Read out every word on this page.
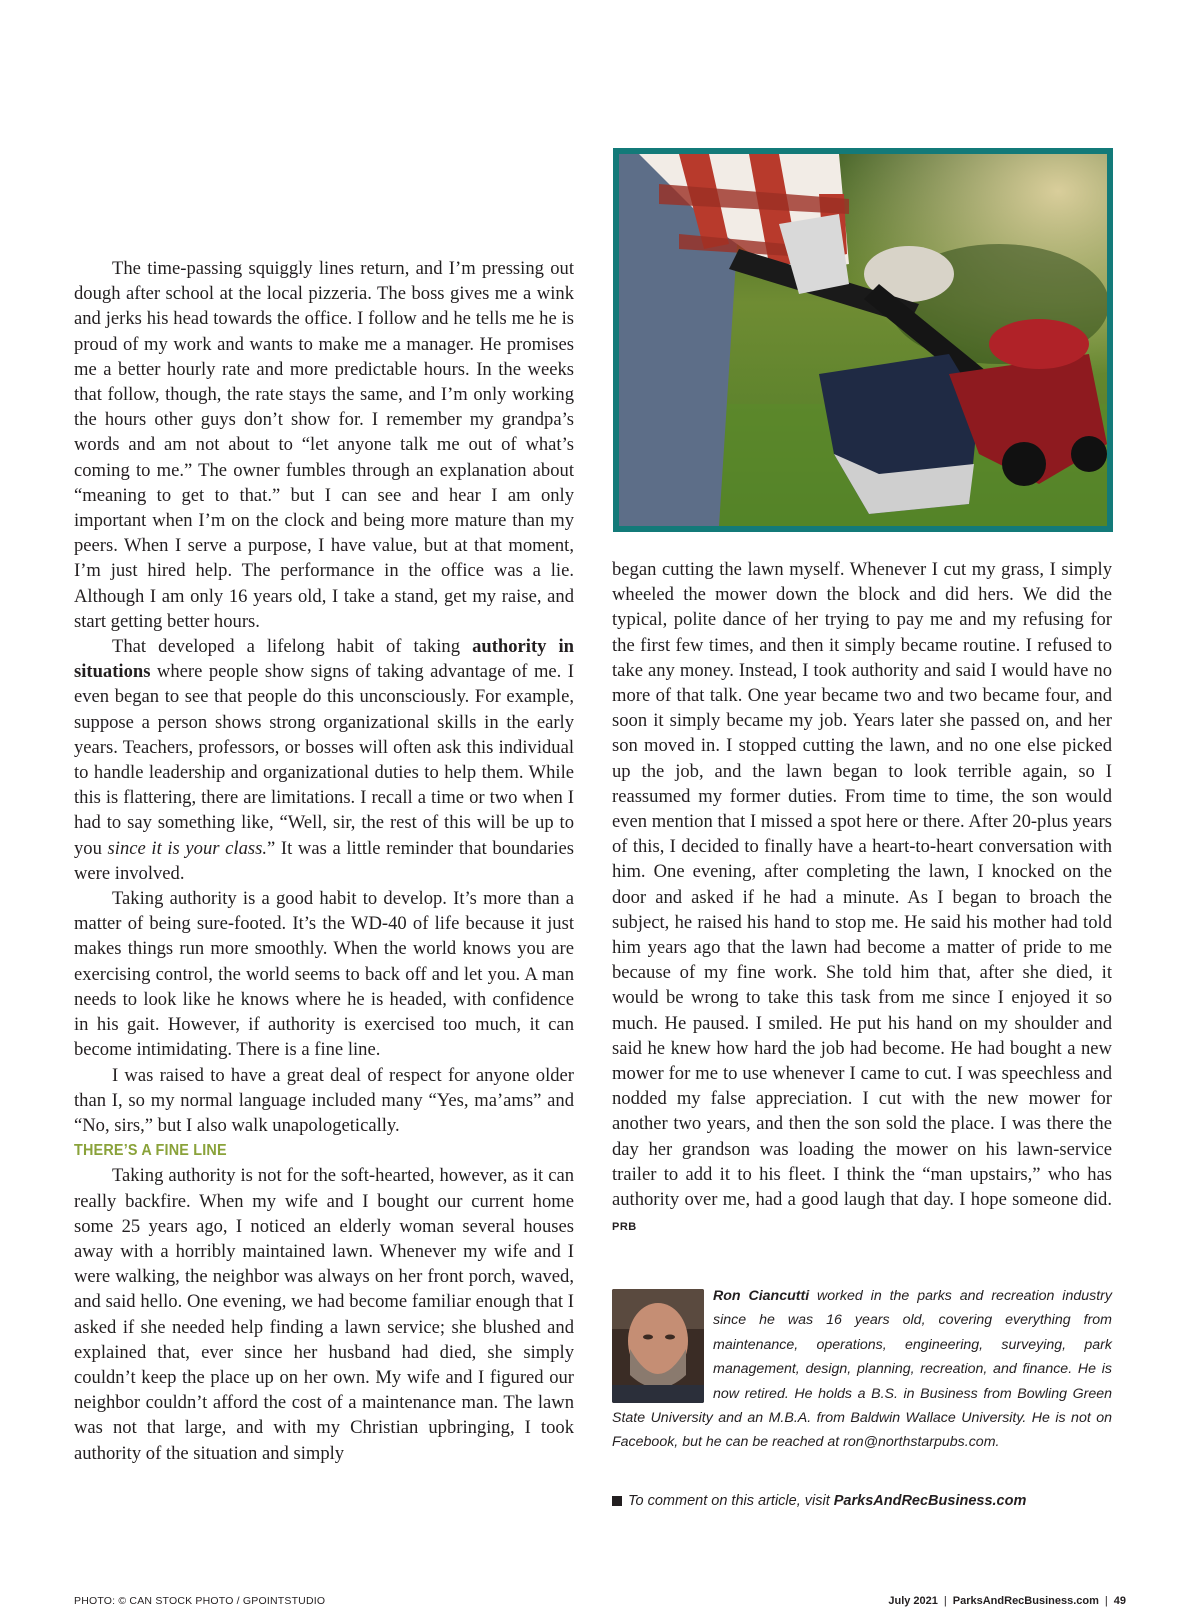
The time-passing squiggly lines return, and I’m pressing out dough after school at the local pizzeria. The boss gives me a wink and jerks his head towards the office. I follow and he tells me he is proud of my work and wants to make me a manager. He promises me a better hourly rate and more predictable hours. In the weeks that follow, though, the rate stays the same, and I’m only working the hours other guys don’t show for. I remember my grandpa’s words and am not about to “let anyone talk me out of what’s coming to me.” The owner fumbles through an explanation about “meaning to get to that.” but I can see and hear I am only important when I’m on the clock and being more mature than my peers. When I serve a purpose, I have value, but at that moment, I’m just hired help. The performance in the office was a lie. Although I am only 16 years old, I take a stand, get my raise, and start getting better hours.

That developed a lifelong habit of taking authority in situations where people show signs of taking advantage of me. I even began to see that people do this unconsciously. For example, suppose a person shows strong organizational skills in the early years. Teachers, professors, or bosses will often ask this individual to handle leadership and organizational duties to help them. While this is flattering, there are limitations. I recall a time or two when I had to say something like, “Well, sir, the rest of this will be up to you since it is your class.” It was a little reminder that boundaries were involved.

Taking authority is a good habit to develop. It’s more than a matter of being sure-footed. It’s the WD-40 of life because it just makes things run more smoothly. When the world knows you are exercising control, the world seems to back off and let you. A man needs to look like he knows where he is headed, with confidence in his gait. However, if authority is exercised too much, it can become intimidating. There is a fine line.

I was raised to have a great deal of respect for anyone older than I, so my normal language included many “Yes, ma’ams” and “No, sirs,” but I also walk unapologetically.

THERE’S A FINE LINE

Taking authority is not for the soft-hearted, however, as it can really backfire. When my wife and I bought our current home some 25 years ago, I noticed an elderly woman several houses away with a horribly maintained lawn. Whenever my wife and I were walking, the neighbor was always on her front porch, waved, and said hello. One evening, we had become familiar enough that I asked if she needed help finding a lawn service; she blushed and explained that, ever since her husband had died, she simply couldn’t keep the place up on her own. My wife and I figured our neighbor couldn’t afford the cost of a maintenance man. The lawn was not that large, and with my Christian upbringing, I took authority of the situation and simply

began cutting the lawn myself. Whenever I cut my grass, I simply wheeled the mower down the block and did hers. We did the typical, polite dance of her trying to pay me and my refusing for the first few times, and then it simply became routine. I refused to take any money. Instead, I took authority and said I would have no more of that talk. One year became two and two became four, and soon it simply became my job. Years later she passed on, and her son moved in. I stopped cutting the lawn, and no one else picked up the job, and the lawn began to look terrible again, so I reassumed my former duties. From time to time, the son would even mention that I missed a spot here or there. After 20-plus years of this, I decided to finally have a heart-to-heart conversation with him. One evening, after completing the lawn, I knocked on the door and asked if he had a minute. As I began to broach the subject, he raised his hand to stop me. He said his mother had told him years ago that the lawn had become a matter of pride to me because of my fine work. She told him that, after she died, it would be wrong to take this task from me since I enjoyed it so much. He paused. I smiled. He put his hand on my shoulder and said he knew how hard the job had become. He had bought a new mower for me to use whenever I came to cut. I was speechless and nodded my false appreciation. I cut with the new mower for another two years, and then the son sold the place. I was there the day her grandson was loading the mower on his lawn-service trailer to add it to his fleet. I think the “man upstairs,” who has authority over me, had a good laugh that day. I hope someone did. PRB

Ron Ciancutti worked in the parks and recreation industry since he was 16 years old, covering everything from maintenance, operations, engineering, surveying, park management, design, planning, recreation, and finance. He is now retired. He holds a B.S. in Business from Bowling Green State University and an M.B.A. from Baldwin Wallace University. He is not on Facebook, but he can be reached at ron@northstarpubs.com.
To comment on this article, visit ParksAndRecBusiness.com
PHOTO: © CAN STOCK PHOTO / GPOINTSTUDIO	July 2021 | ParksAndRecBusiness.com | 49
